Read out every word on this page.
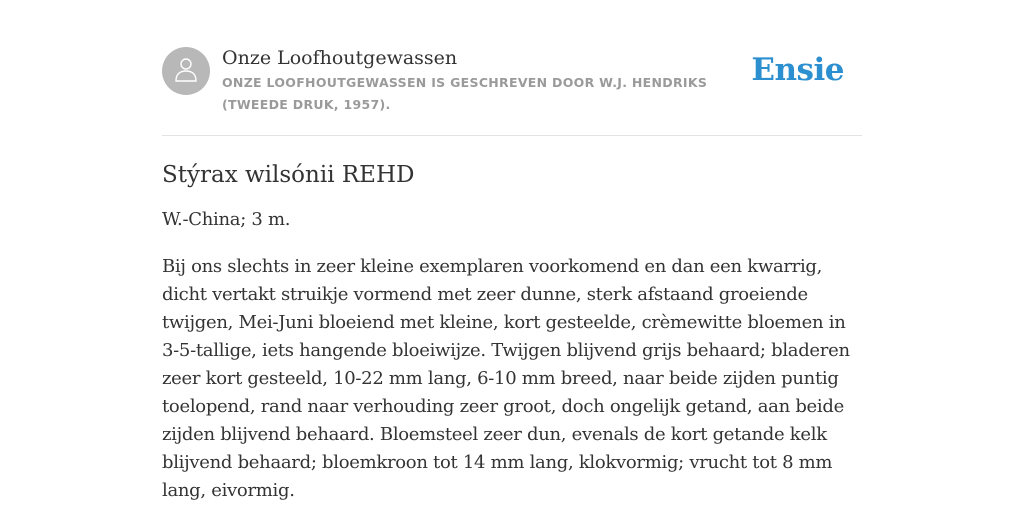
Onze Loofhoutgewassen

ONZE LOOFHOUTGEWASSEN IS GESCHREVEN DOOR W.J. HENDRIKS (TWEEDE DRUK, 1957).

Ensie
Stýrax wilsónii REHD

W.-China; 3 m.

Bij ons slechts in zeer kleine exemplaren voorkomend en dan een kwarrig, dicht vertakt struikje vormend met zeer dunne, sterk afstaand groeiende twijgen, Mei-Juni bloeiend met kleine, kort gesteelde, crèmewitte bloemen in 3-5-tallige, iets hangende bloeiwijze. Twijgen blijvend grijs behaard; bladeren zeer kort gesteeld, 10-22 mm lang, 6-10 mm breed, naar beide zijden puntig toelopend, rand naar verhouding zeer groot, doch ongelijk getand, aan beide zijden blijvend behaard. Bloemsteel zeer dun, evenals de kort getande kelk blijvend behaard; bloemkroon tot 14 mm lang, klokvormig; vrucht tot 8 mm lang, eivormig.
